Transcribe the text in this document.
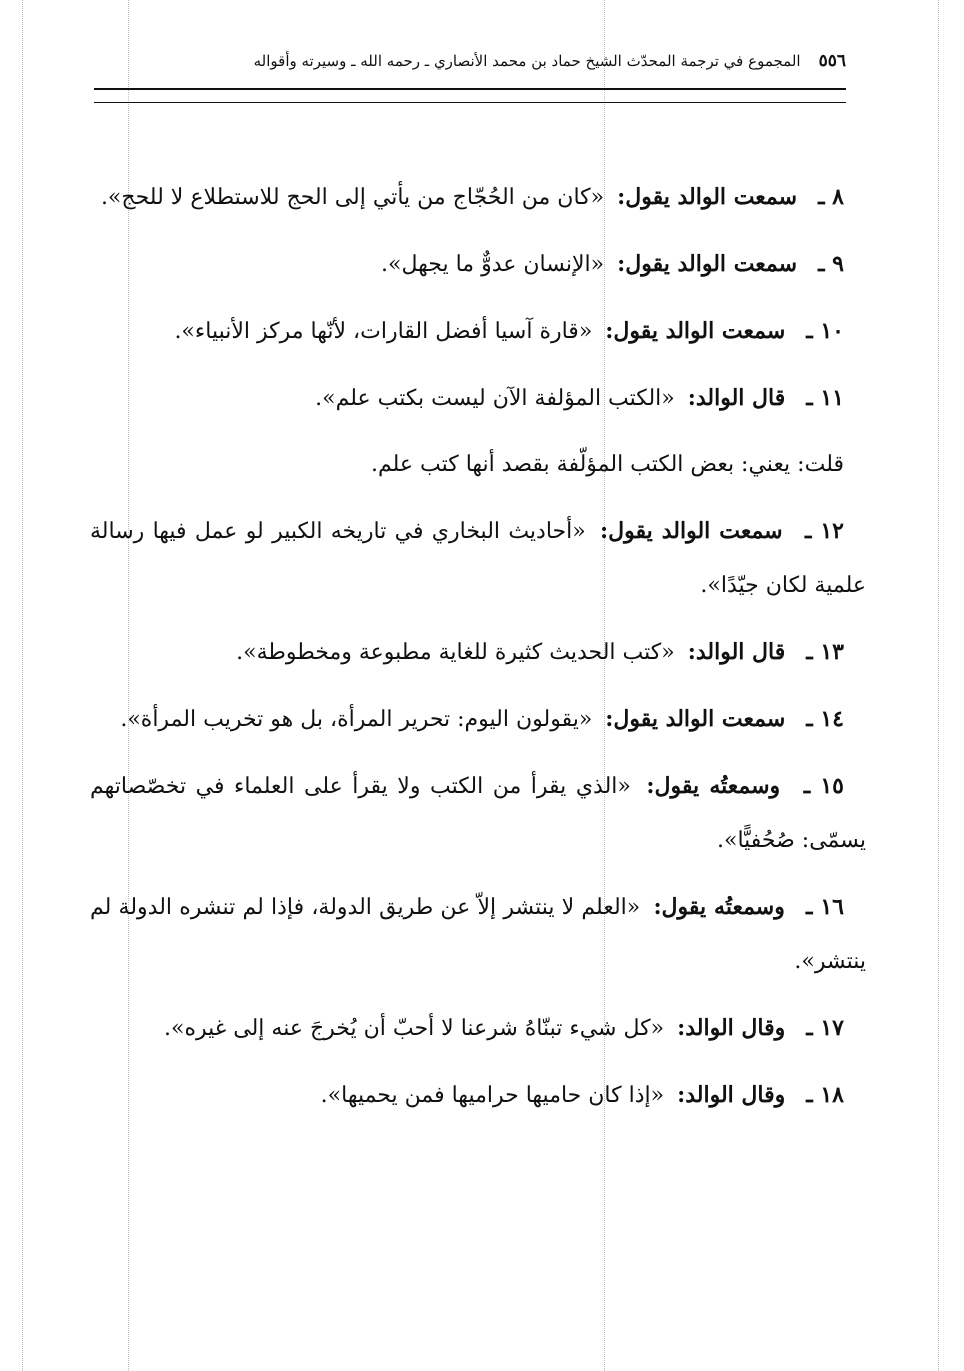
٥٥٦
المجموع في ترجمة المحدّث الشيخ حماد بن محمد الأنصاري ـ رحمه الله ـ وسيرته وأقواله

٨ ـ سمعت الوالد يقول: «كان من الحُجّاج من يأتي إلى الحج للاستطلاع لا للحج».

٩ ـ سمعت الوالد يقول: «الإنسان عدوٌّ ما يجهل».

١٠ ـ سمعت الوالد يقول: «قارة آسيا أفضل القارات، لأنّها مركز الأنبياء».

١١ ـ قال الوالد: «الكتب المؤلفة الآن ليست بكتب علم».

قلت: يعني: بعض الكتب المؤلّفة بقصد أنها كتب علم.

١٢ ـ سمعت الوالد يقول: «أحاديث البخاري في تاريخه الكبير لو عمل فيها رسالة علمية لكان جيّدًا».

١٣ ـ قال الوالد: «كتب الحديث كثيرة للغاية مطبوعة ومخطوطة».

١٤ ـ سمعت الوالد يقول: «يقولون اليوم: تحرير المرأة، بل هو تخريب المرأة».

١٥ ـ وسمعتُه يقول: «الذي يقرأ من الكتب ولا يقرأ على العلماء في تخصّصاتهم يسمّى: صُحُفيًّا».

١٦ ـ وسمعتُه يقول: «العلم لا ينتشر إلاّ عن طريق الدولة، فإذا لم تنشره الدولة لم ينتشر».

١٧ ـ وقال الوالد: «كل شيء تبنّاهُ شرعنا لا أحبّ أن يُخرجَ عنه إلى غيره».

١٨ ـ وقال الوالد: «إذا كان حاميها حراميها فمن يحميها».
